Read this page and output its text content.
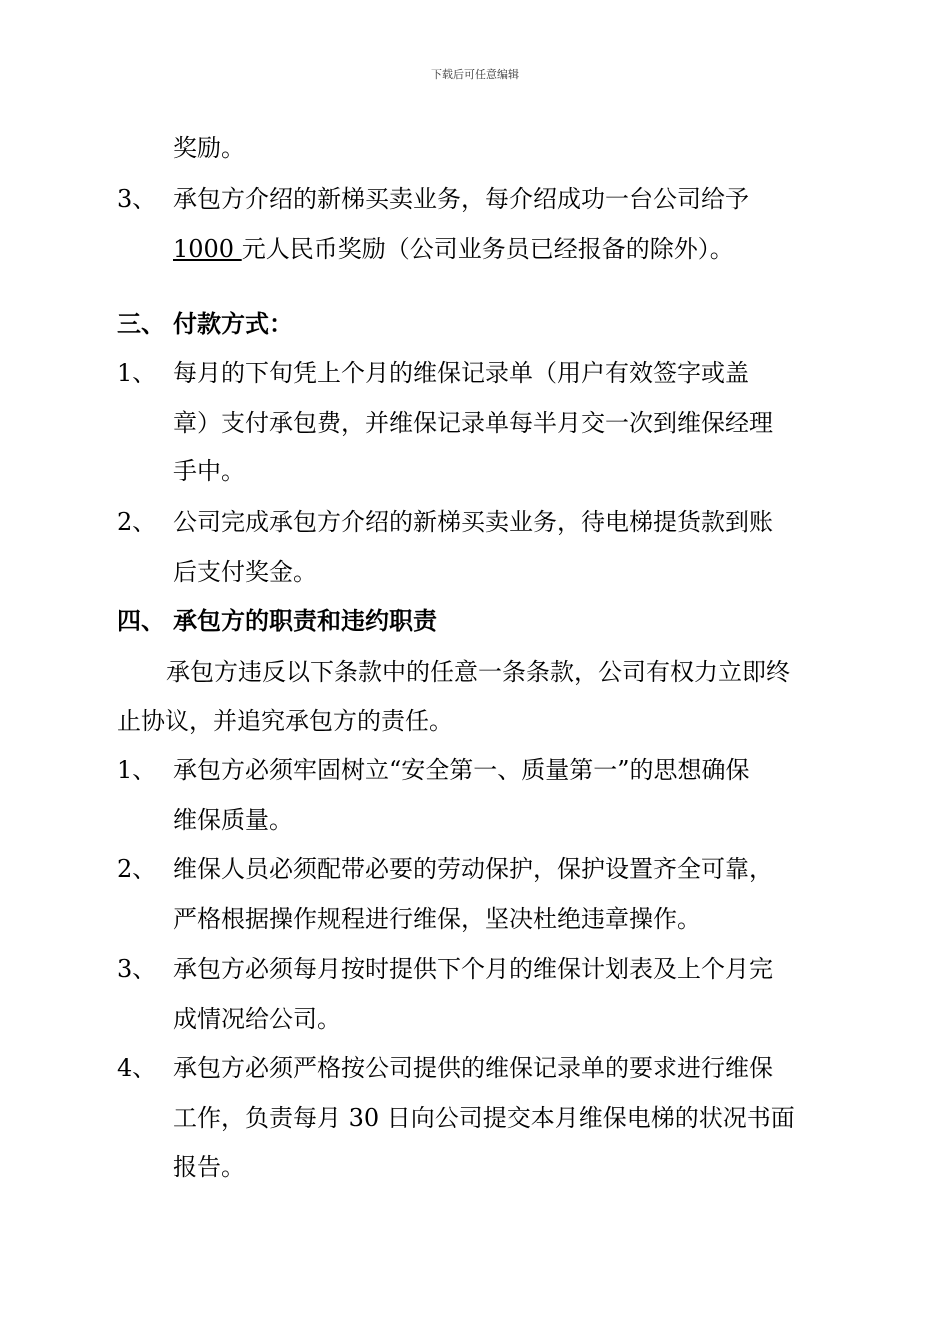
下载后可任意编辑
奖励。
3、 承包方介绍的新梯买卖业务，每介绍成功一台公司给予
1000 元人民币奖励（公司业务员已经报备的除外）。
三、 付款方式：
1、 每月的下旬凭上个月的维保记录单（用户有效签字或盖
章）支付承包费，并维保记录单每半月交一次到维保经理
手中。
2、 公司完成承包方介绍的新梯买卖业务，待电梯提货款到账
后支付奖金。
四、 承包方的职责和违约职责
承包方违反以下条款中的任意一条条款，公司有权力立即终
止协议，并追究承包方的责任。
1、 承包方必须牢固树立“安全第一、质量第一”的思想确保
维保质量。
2、 维保人员必须配带必要的劳动保护，保护设置齐全可靠，
严格根据操作规程进行维保，坚决杜绝违章操作。
3、 承包方必须每月按时提供下个月的维保计划表及上个月完
成情况给公司。
4、 承包方必须严格按公司提供的维保记录单的要求进行维保
工作，负责每月 30 日向公司提交本月维保电梯的状况书面
报告。
